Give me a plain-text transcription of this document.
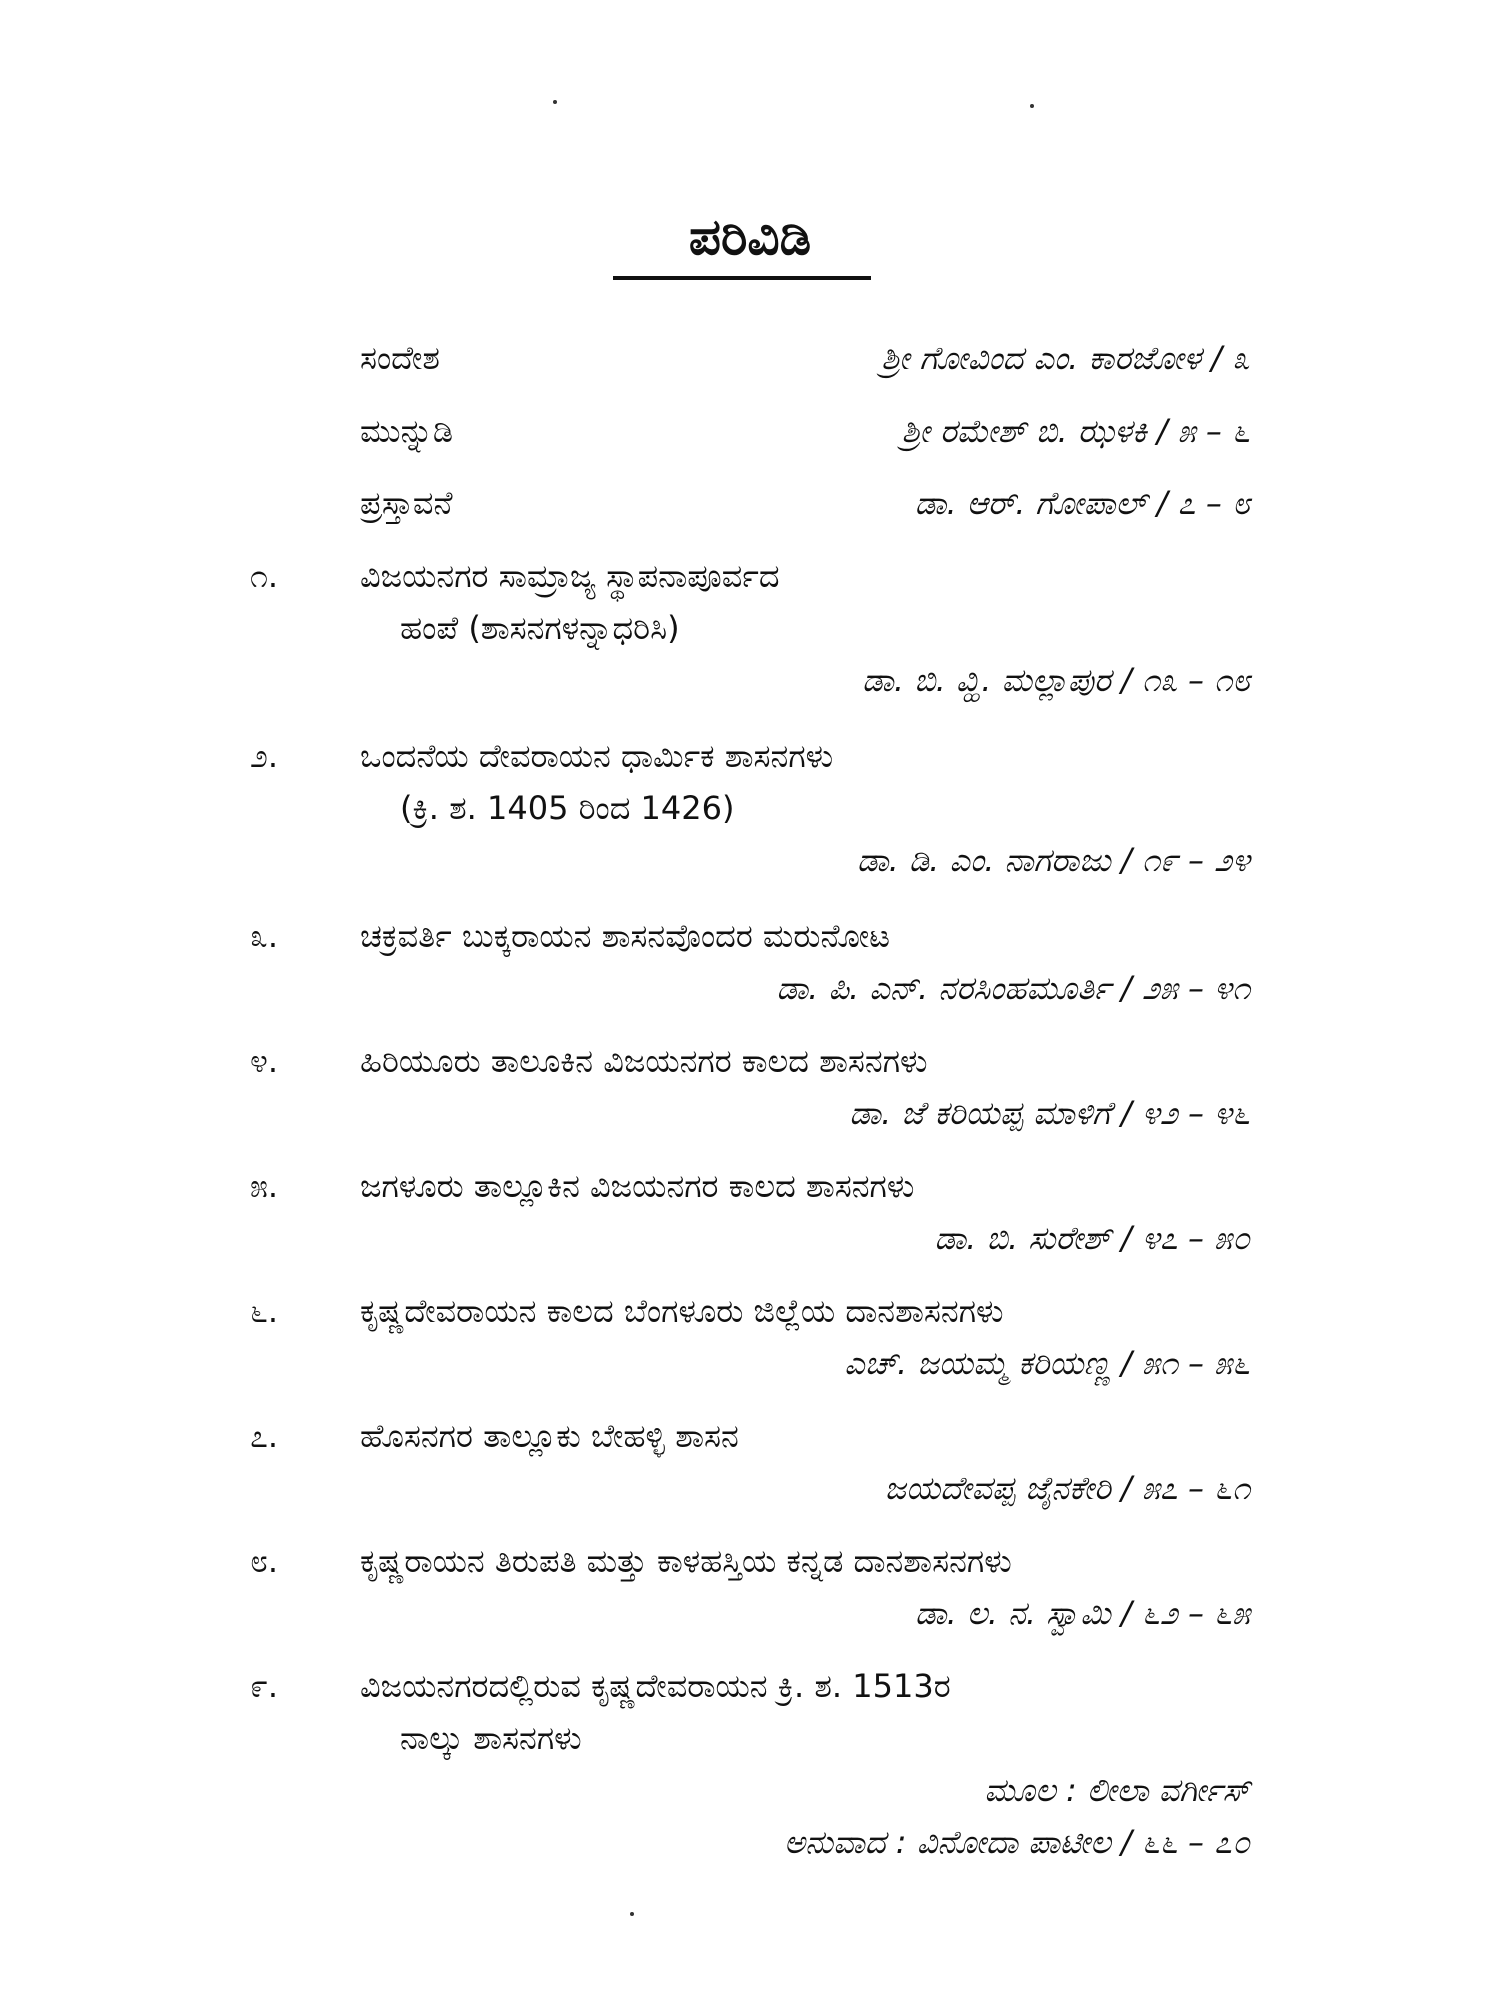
ಪರಿವಿಡಿ
ಸಂದೇಶ	ಶ್ರೀ ಗೋವಿಂದ ಎಂ. ಕಾರಜೋಳ / ೩
ಮುನ್ನುಡಿ	ಶ್ರೀ ರಮೇಶ್ ಬಿ. ಝಳಕಿ / ೫ – ೬
ಪ್ರಸ್ತಾವನೆ	ಡಾ. ಆರ್. ಗೋಪಾಲ್ / ೭ – ೮
೧.	ವಿಜಯನಗರ ಸಾಮ್ರಾಜ್ಯ ಸ್ಥಾಪನಾಪೂರ್ವದ
ಹಂಪೆ (ಶಾಸನಗಳನ್ನಾಧರಿಸಿ)
ಡಾ. ಬಿ. ವ್ಹಿ. ಮಲ್ಲಾಪುರ / ೧೩ – ೧೮
೨.	ಒಂದನೆಯ ದೇವರಾಯನ ಧಾರ್ಮಿಕ ಶಾಸನಗಳು
(ಕ್ರಿ. ಶ. 1405 ರಿಂದ 1426)
ಡಾ. ಡಿ. ಎಂ. ನಾಗರಾಜು / ೧೯ – ೨೪
೩.	ಚಕ್ರವರ್ತಿ ಬುಕ್ಕರಾಯನ ಶಾಸನವೊಂದರ ಮರುನೋಟ
ಡಾ. ಪಿ. ಎನ್. ನರಸಿಂಹಮೂರ್ತಿ / ೨೫ – ೪೧
೪.	ಹಿರಿಯೂರು ತಾಲೂಕಿನ ವಿಜಯನಗರ ಕಾಲದ ಶಾಸನಗಳು
ಡಾ. ಜೆ ಕರಿಯಪ್ಪ ಮಾಳಿಗೆ / ೪೨ – ೪೬
೫.	ಜಗಳೂರು ತಾಲ್ಲೂಕಿನ ವಿಜಯನಗರ ಕಾಲದ ಶಾಸನಗಳು
ಡಾ. ಬಿ. ಸುರೇಶ್ / ೪೭ – ೫೦
೬.	ಕೃಷ್ಣದೇವರಾಯನ ಕಾಲದ ಬೆಂಗಳೂರು ಜಿಲ್ಲೆಯ ದಾನಶಾಸನಗಳು
ಎಚ್. ಜಯಮ್ಮ ಕರಿಯಣ್ಣ / ೫೧ – ೫೬
೭.	ಹೊಸನಗರ ತಾಲ್ಲೂಕು ಬೇಹಳ್ಳಿ ಶಾಸನ
ಜಯದೇವಪ್ಪ ಜೈನಕೇರಿ / ೫೭ – ೬೧
೮.	ಕೃಷ್ಣರಾಯನ ತಿರುಪತಿ ಮತ್ತು ಕಾಳಹಸ್ತಿಯ ಕನ್ನಡ ದಾನಶಾಸನಗಳು
ಡಾ. ಲ. ನ. ಸ್ವಾಮಿ / ೬೨ – ೬೫
೯.	ವಿಜಯನಗರದಲ್ಲಿರುವ ಕೃಷ್ಣದೇವರಾಯನ ಕ್ರಿ. ಶ. 1513ರ
ನಾಲ್ಕು ಶಾಸನಗಳು
ಮೂಲ : ಲೀಲಾ ವರ್ಗೀಸ್
ಅನುವಾದ : ವಿನೋದಾ ಪಾಟೀಲ / ೬೬ – ೭೦
